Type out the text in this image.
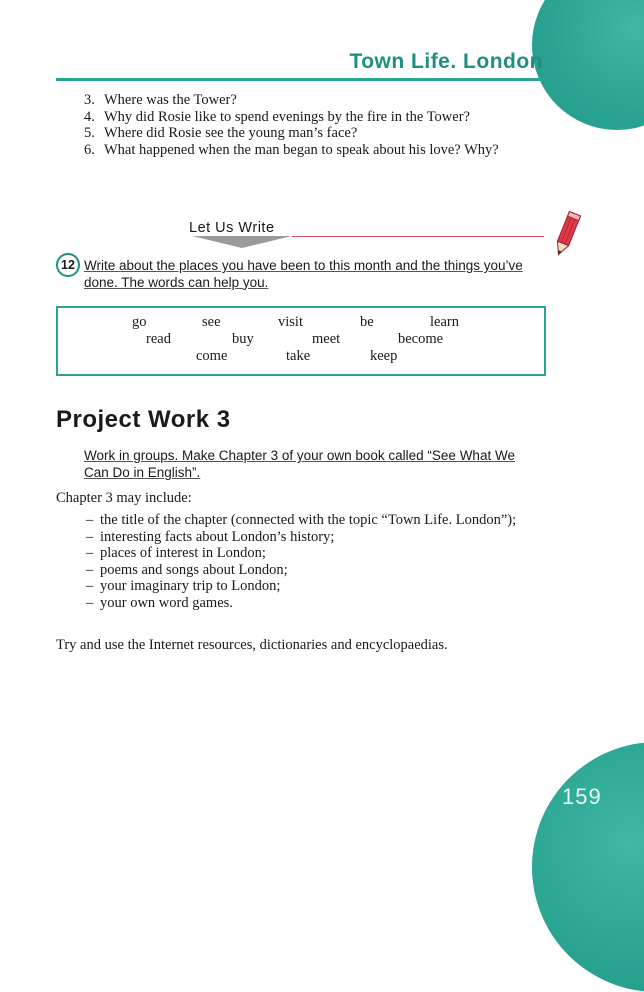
Town Life. London
3. Where was the Tower?
4. Why did Rosie like to spend evenings by the fire in the Tower?
5. Where did Rosie see the young man’s face?
6. What happened when the man began to speak about his love? Why?
Let Us Write
12 Write about the places you have been to this month and the things you’ve done. The words can help you.
go	see	visit	be	learn
read	buy	meet	become
come	take	keep
Project Work 3
Work in groups. Make Chapter 3 of your own book called “See What We Can Do in English”.
Chapter 3 may include:
– the title of the chapter (connected with the topic “Town Life. London”);
– interesting facts about London’s history;
– places of interest in London;
– poems and songs about London;
– your imaginary trip to London;
– your own word games.
Try and use the Internet resources, dictionaries and encyclopaedias.
159
